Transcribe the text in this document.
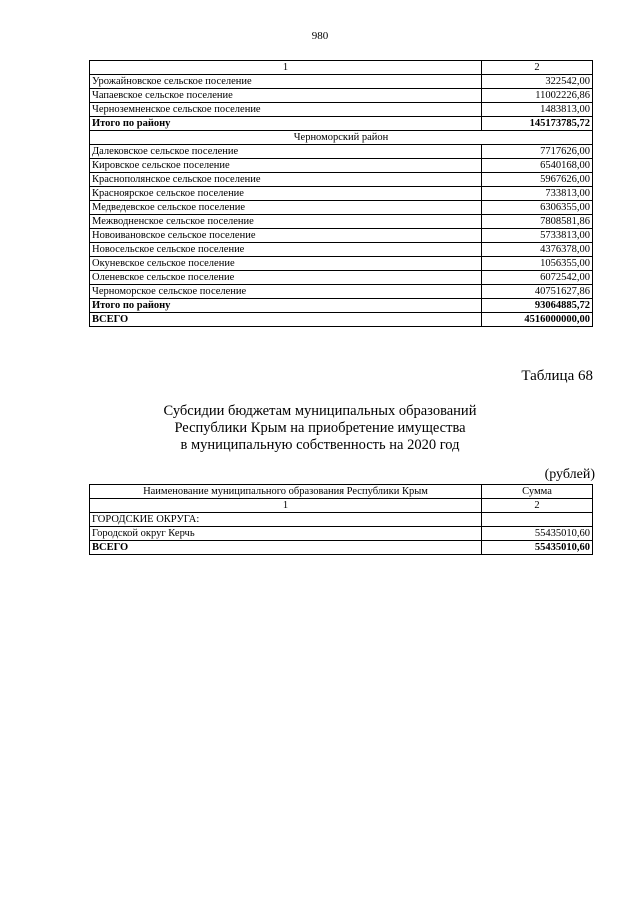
980
1	2
Урожайновское сельское поселение	322542,00
Чапаевское сельское поселение	11002226,86
Черноземненское сельское поселение	1483813,00
Итого по району	145173785,72
Черноморский район	
Далековское сельское поселение	7717626,00
Кировское сельское поселение	6540168,00
Краснополянское сельское поселение	5967626,00
Красноярское сельское поселение	733813,00
Медведевское сельское поселение	6306355,00
Межводненское сельское поселение	7808581,86
Новоивановское сельское поселение	5733813,00
Новосельское сельское поселение	4376378,00
Окуневское сельское поселение	1056355,00
Оленевское сельское поселение	6072542,00
Черноморское сельское поселение	40751627,86
Итого по району	93064885,72
ВСЕГО	4516000000,00
Таблица 68
Субсидии бюджетам муниципальных образований
Республики Крым на приобретение имущества
в муниципальную собственность на 2020 год
(рублей)
Наименование муниципального образования Республики Крым	Сумма
1	2
ГОРОДСКИЕ ОКРУГА:	
Городской округ Керчь	55435010,60
ВСЕГО	55435010,60
